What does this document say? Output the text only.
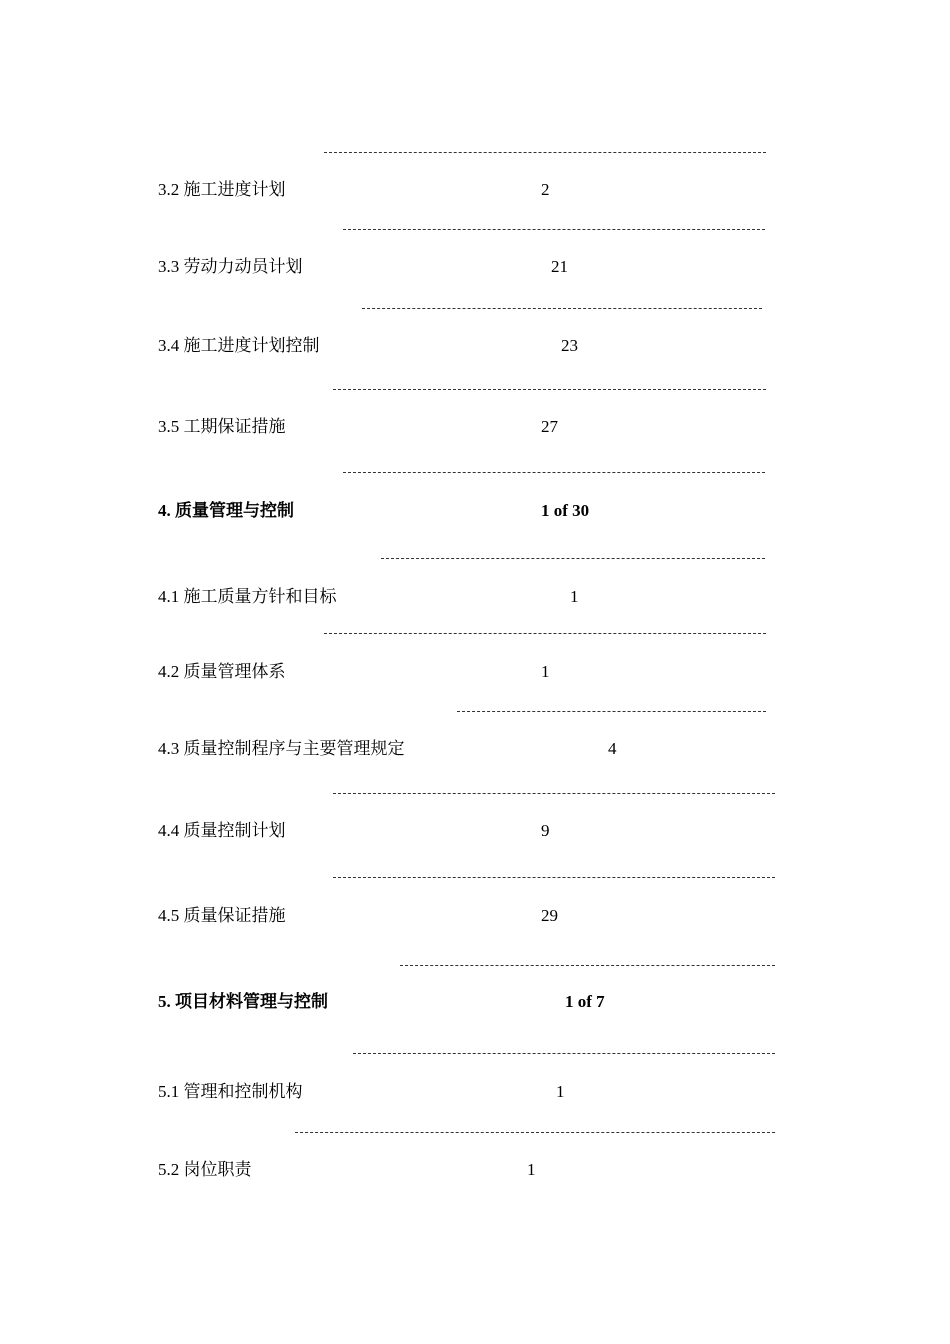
3.2 施工进度计划	2
3.3 劳动力动员计划	21
3.4 施工进度计划控制	23
3.5 工期保证措施	27
4. 质量管理与控制	1 of 30
4.1 施工质量方针和目标	1
4.2 质量管理体系	1
4.3 质量控制程序与主要管理规定	4
4.4 质量控制计划	9
4.5 质量保证措施	29
5. 项目材料管理与控制	1 of 7
5.1 管理和控制机构	1
5.2 岗位职责	1
